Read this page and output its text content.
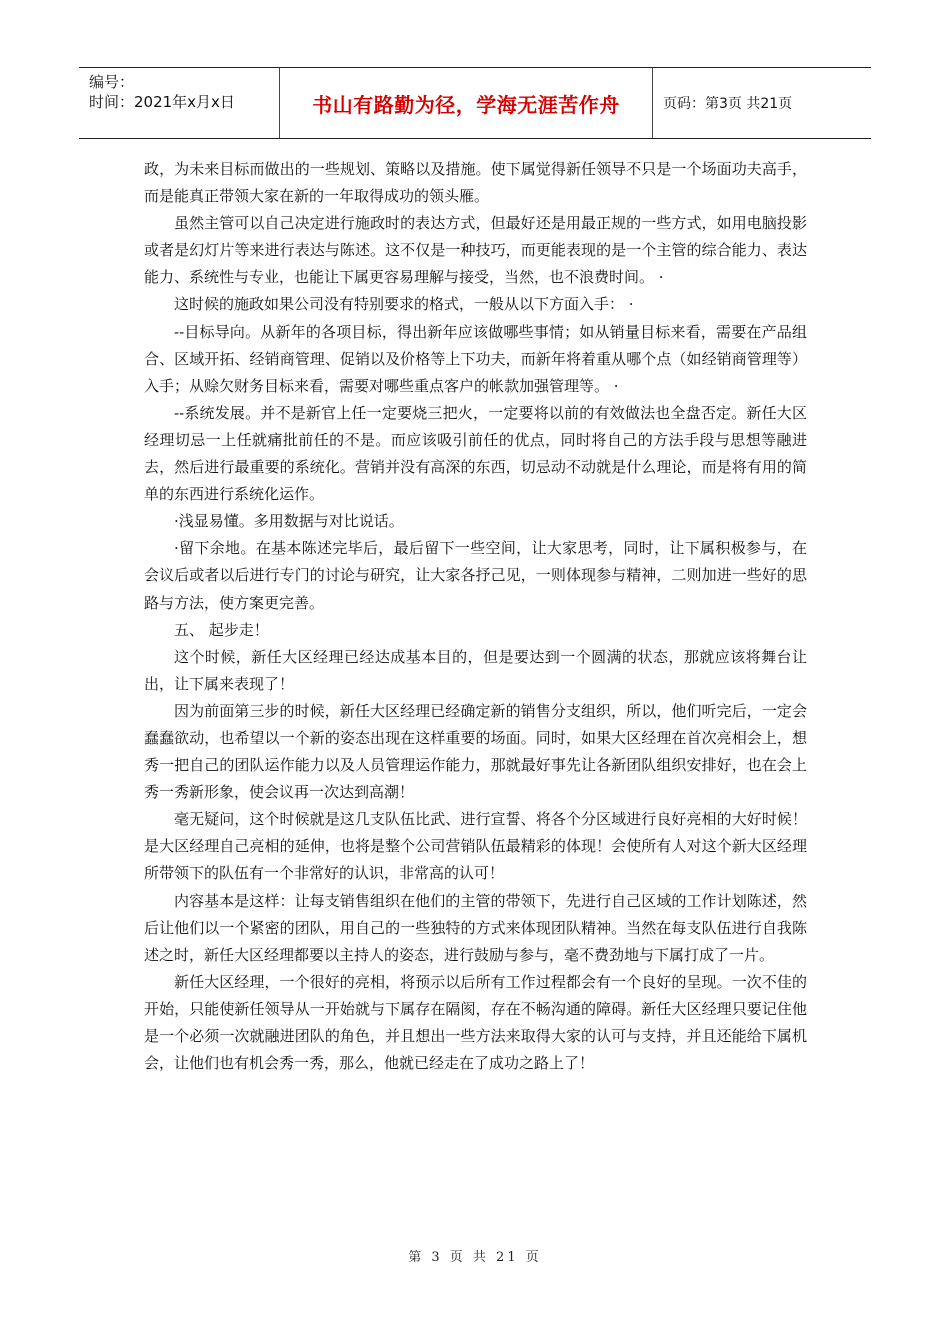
编号：
时间：2021年x月x日	书山有路勤为径，学海无涯苦作舟	页码：第3页 共21页

政，为未来目标而做出的一些规划、策略以及措施。使下属觉得新任领导不只是一个场面功夫高手，而是能真正带领大家在新的一年取得成功的领头雁。

虽然主管可以自己决定进行施政时的表达方式，但最好还是用最正规的一些方式，如用电脑投影或者是幻灯片等来进行表达与陈述。这不仅是一种技巧，而更能表现的是一个主管的综合能力、表达能力、系统性与专业，也能让下属更容易理解与接受，当然，也不浪费时间。 ·

这时候的施政如果公司没有特别要求的格式，一般从以下方面入手： ·

--目标导向。从新年的各项目标，得出新年应该做哪些事情；如从销量目标来看，需要在产品组合、区域开拓、经销商管理、促销以及价格等上下功夫，而新年将着重从哪个点（如经销商管理等）入手；从赊欠财务目标来看，需要对哪些重点客户的帐款加强管理等。 ·

--系统发展。并不是新官上任一定要烧三把火，一定要将以前的有效做法也全盘否定。新任大区经理切忌一上任就痛批前任的不是。而应该吸引前任的优点，同时将自己的方法手段与思想等融进去，然后进行最重要的系统化。营销并没有高深的东西，切忌动不动就是什么理论，而是将有用的简单的东西进行系统化运作。

·浅显易懂。多用数据与对比说话。

·留下余地。在基本陈述完毕后，最后留下一些空间，让大家思考，同时，让下属积极参与，在会议后或者以后进行专门的讨论与研究，让大家各抒己见，一则体现参与精神，二则加进一些好的思路与方法，使方案更完善。

五、 起步走！

这个时候，新任大区经理已经达成基本目的，但是要达到一个圆满的状态，那就应该将舞台让出，让下属来表现了！

因为前面第三步的时候，新任大区经理已经确定新的销售分支组织，所以，他们听完后，一定会蠢蠢欲动，也希望以一个新的姿态出现在这样重要的场面。同时，如果大区经理在首次亮相会上，想秀一把自己的团队运作能力以及人员管理运作能力，那就最好事先让各新团队组织安排好，也在会上秀一秀新形象，使会议再一次达到高潮！

毫无疑问，这个时候就是这几支队伍比武、进行宣誓、将各个分区域进行良好亮相的大好时候！是大区经理自己亮相的延伸，也将是整个公司营销队伍最精彩的体现！会使所有人对这个新大区经理所带领下的队伍有一个非常好的认识，非常高的认可！

内容基本是这样：让每支销售组织在他们的主管的带领下，先进行自己区域的工作计划陈述，然后让他们以一个紧密的团队，用自己的一些独特的方式来体现团队精神。当然在每支队伍进行自我陈述之时，新任大区经理都要以主持人的姿态，进行鼓励与参与，毫不费劲地与下属打成了一片。

新任大区经理，一个很好的亮相，将预示以后所有工作过程都会有一个良好的呈现。一次不佳的开始，只能使新任领导从一开始就与下属存在隔阂，存在不畅沟通的障碍。新任大区经理只要记住他是一个必须一次就融进团队的角色，并且想出一些方法来取得大家的认可与支持，并且还能给下属机会，让他们也有机会秀一秀，那么，他就已经走在了成功之路上了！

第 3 页 共 21 页
